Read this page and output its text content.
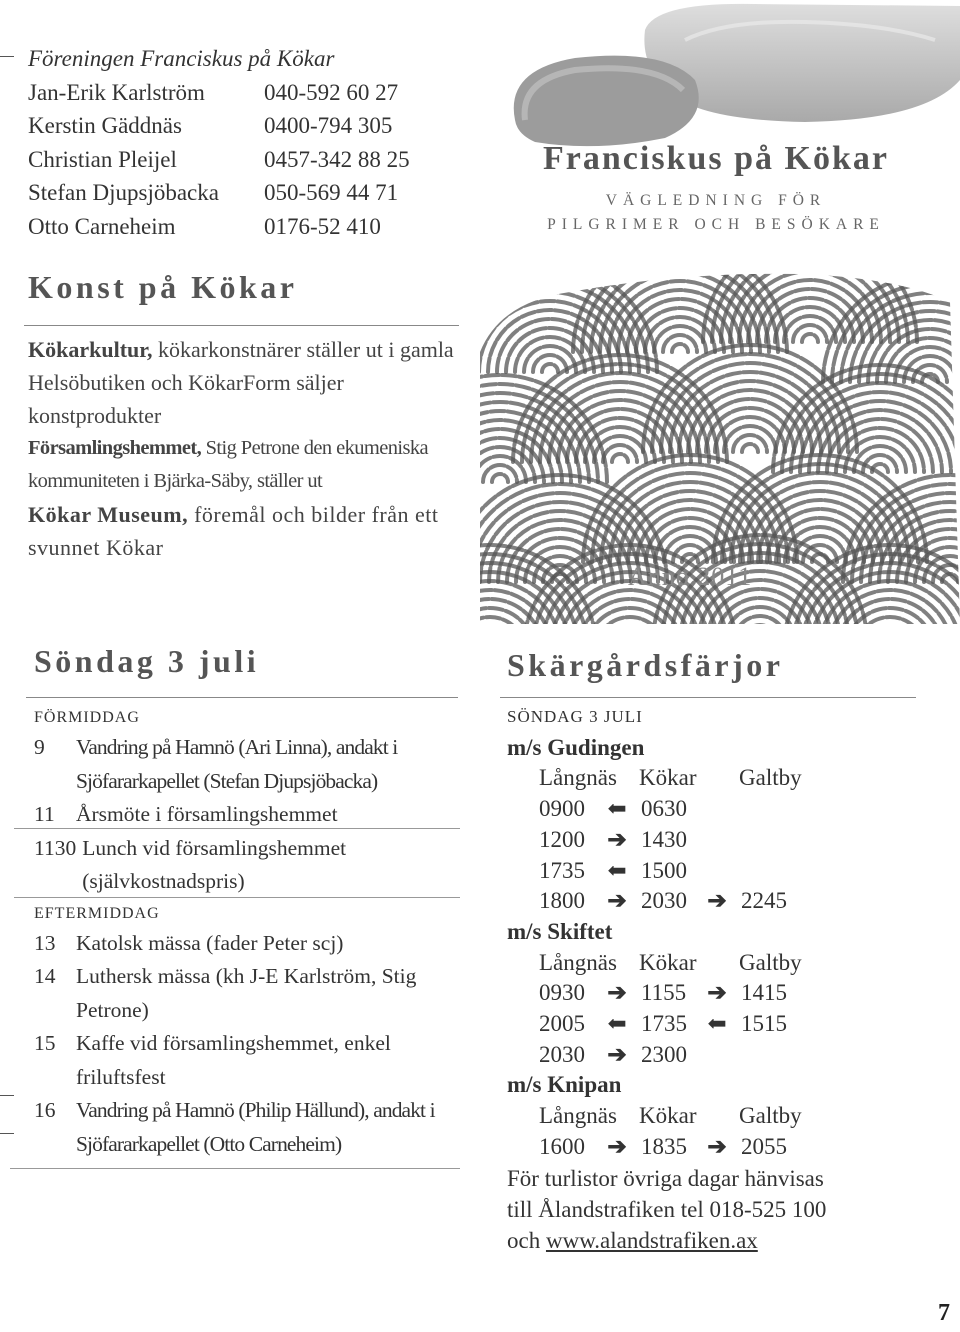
Föreningen Franciskus på Kökar
Jan-Erik Karlström	040-592 60 27
Kerstin Gäddnäs	0400-794 305
Christian Pleijel	0457-342 88 25
Stefan Djupsjöbacka	050-569 44 71
Otto Carneheim	0176-52 410
Franciskus på Kökar
VÄGLEDNING FÖR
PILGRIMER OCH BESÖKARE
Anno 2011
Konst på Kökar

Kökarkultur, kökarkonstnärer ställer ut i gamla Helsöbutiken och KökarForm säljer konstprodukter

Församlingshemmet, Stig Petrone den ekumeniska kommuniteten i Bjärka-Säby, ställer ut

Kökar Museum, föremål och bilder från ett svunnet Kökar

Söndag 3 juli
FÖRMIDDAG
9	Vandring på Hamnö (Ari Linna), andakt i Sjöfararkapellet (Stefan Djupsjöbacka)
11 Årsmöte i församlingshemmet
1130 Lunch vid församlingshemmet (självkostnadspris)
EFTERMIDDAG
13 Katolsk mässa (fader Peter scj)
14 Luthersk mässa (kh J-E Karlström, Stig Petrone)
15 Kaffe vid församlingshemmet, enkel friluftsfest
16 Vandring på Hamnö (Philip Hällund), andakt i Sjöfararkapellet (Otto Carneheim)
Skärgårdsfärjor
SÖNDAG 3 JULI
m/s Gudingen
Långnäs Kökar	Galtby
0900 ⬅ 0630
1200 ➔ 1430
1735 ⬅ 1500
1800 ➔ 2030 ➔ 2245
m/s Skiftet
Långnäs Kökar	Galtby
0930 ➔ 1155 ➔ 1415
2005 ⬅ 1735 ⬅ 1515
2030 ➔ 2300
m/s Knipan
Långnäs Kökar	Galtby
1600 ➔ 1835 ➔ 2055
För turlistor övriga dagar hänvisas
till Ålandstrafiken tel 018-525 100
och www.alandstrafiken.ax
7
